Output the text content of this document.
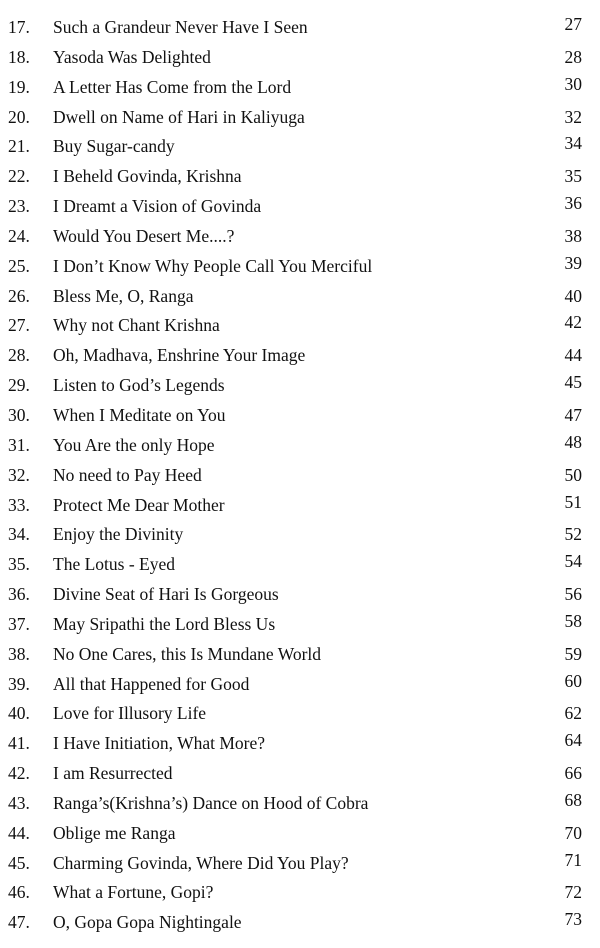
17. Such a Grandeur Never Have I Seen	27
18. Yasoda Was Delighted	28
19. A Letter Has Come from the Lord	30
20. Dwell on Name of Hari in Kaliyuga	32
21. Buy Sugar-candy	34
22. I Beheld Govinda, Krishna	35
23. I Dreamt a Vision of Govinda	36
24. Would You Desert Me....?	38
25. I Don’t Know Why People Call You Merciful	39
26. Bless Me, O, Ranga	40
27. Why not Chant Krishna	42
28. Oh, Madhava, Enshrine Your Image	44
29. Listen to God’s Legends	45
30. When I Meditate on You	47
31. You Are the only Hope	48
32. No need to Pay Heed	50
33. Protect Me Dear Mother	51
34. Enjoy the Divinity	52
35. The Lotus - Eyed	54
36. Divine Seat of Hari Is Gorgeous	56
37. May Sripathi the Lord Bless Us	58
38. No One Cares, this Is Mundane World	59
39. All that Happened for Good	60
40. Love for Illusory Life	62
41. I Have Initiation, What More?	64
42. I am Resurrected	66
43. Ranga’s(Krishna’s) Dance on Hood of Cobra	68
44. Oblige me Ranga	70
45. Charming Govinda, Where Did You Play?	71
46. What a Fortune, Gopi?	72
47. O, Gopa Gopa Nightingale	73
